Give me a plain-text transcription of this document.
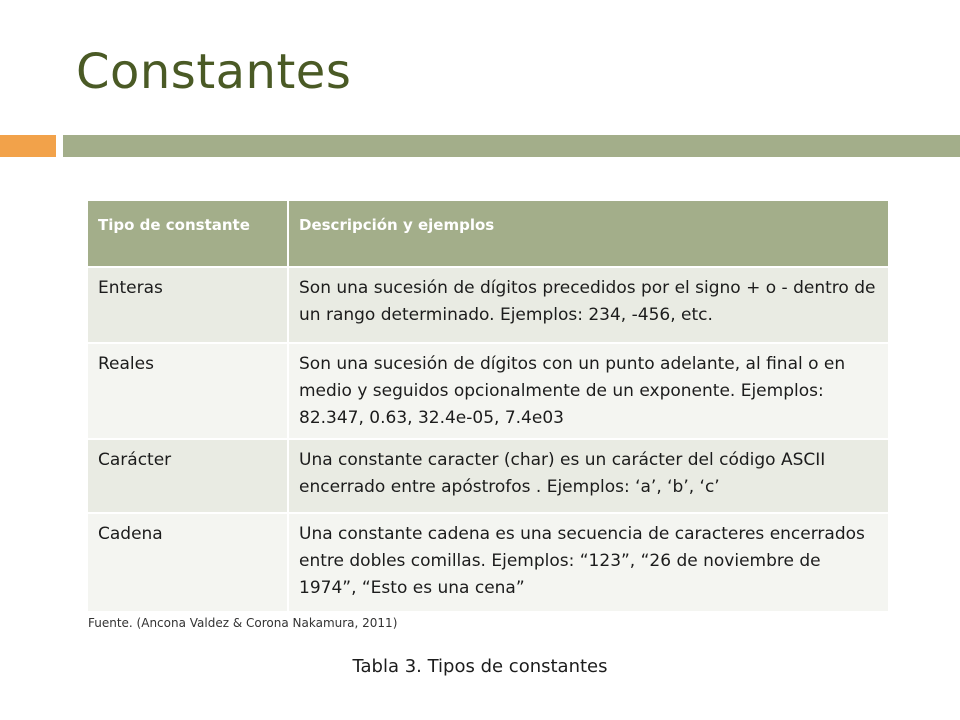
Constantes
Tipo de constante	Descripción y ejemplos
Enteras	Son una sucesión de dígitos precedidos por el signo + o - dentro de un rango determinado. Ejemplos: 234, -456, etc.
Reales	Son una sucesión de dígitos con un punto adelante, al final o en medio y seguidos opcionalmente de un exponente. Ejemplos: 82.347, 0.63, 32.4e-05, 7.4e03
Carácter	Una constante caracter (char) es un carácter del código ASCII encerrado entre apóstrofos . Ejemplos: ‘a’, ‘b’, ‘c’
Cadena	Una constante cadena es una secuencia de caracteres encerrados entre dobles comillas. Ejemplos: “123”, “26 de noviembre de 1974”, “Esto es una cena”
Fuente. (Ancona Valdez & Corona Nakamura, 2011)
Tabla 3. Tipos de constantes
